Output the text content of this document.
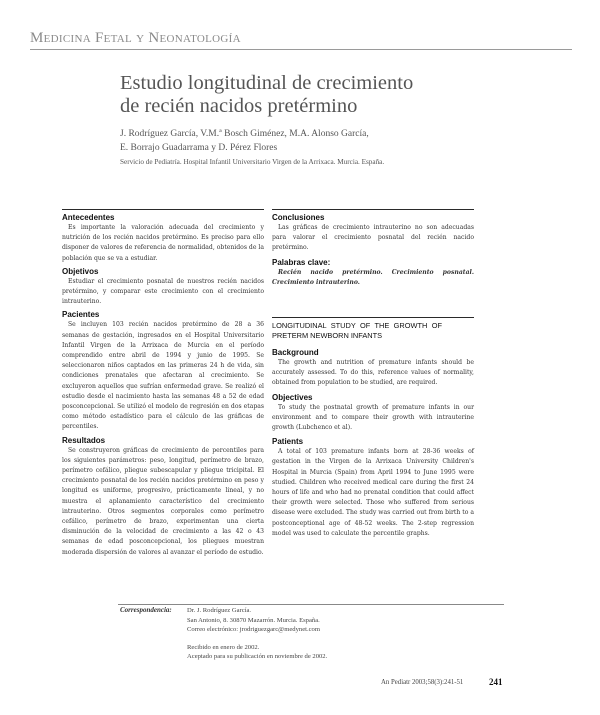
Medicina Fetal y Neonatología
Estudio longitudinal de crecimiento
de recién nacidos pretérmino
J. Rodríguez García, V.M.ª Bosch Giménez, M.A. Alonso García,
E. Borrajo Guadarrama y D. Pérez Flores
Servicio de Pediatría. Hospital Infantil Universitario Virgen de la Arrixaca. Murcia. España.
Antecedentes

Es importante la valoración adecuada del crecimiento y nutrición de los recién nacidos pretérmino. Es preciso para ello disponer de valores de referencia de normalidad, obtenidos de la población que se va a estudiar.

Objetivos

Estudiar el crecimiento posnatal de nuestros recién nacidos pretérmino, y comparar este crecimiento con el crecimiento intrauterino.

Pacientes

Se incluyen 103 recién nacidos pretérmino de 28 a 36 semanas de gestación, ingresados en el Hospital Universitario Infantil Virgen de la Arrixaca de Murcia en el período comprendido entre abril de 1994 y junio de 1995. Se seleccionaron niños captados en las primeras 24 h de vida, sin condiciones prenatales que afectaran al crecimiento. Se excluyeron aquellos que sufrían enfermedad grave. Se realizó el estudio desde el nacimiento hasta las semanas 48 a 52 de edad posconcepcional. Se utilizó el modelo de regresión en dos etapas como método estadístico para el cálculo de las gráficas de percentiles.

Resultados

Se construyeron gráficas de crecimiento de percentiles para los siguientes parámetros: peso, longitud, perímetro de brazo, perímetro cefálico, pliegue subescapular y pliegue tricipital. El crecimiento posnatal de los recién nacidos pretérmino en peso y longitud es uniforme, progresivo, prácticamente lineal, y no muestra el aplanamiento característico del crecimiento intrauterino. Otros segmentos corporales como perímetro cefálico, perímetro de brazo, experimentan una cierta disminución de la velocidad de crecimiento a las 42 o 43 semanas de edad posconcepcional, los pliegues muestran moderada dispersión de valores al avanzar el período de estudio.

Conclusiones

Las gráficas de crecimiento intrauterino no son adecuadas para valorar el crecimiento posnatal del recién nacido pretérmino.

Palabras clave:

Recién nacido pretérmino. Crecimiento posnatal. Crecimiento intrauterino.

LONGITUDINAL STUDY OF THE GROWTH OF PRETERM NEWBORN INFANTS
Background

The growth and nutrition of premature infants should be accurately assessed. To do this, reference values of normality, obtained from population to be studied, are required.

Objectives

To study the postnatal growth of premature infants in our environment and to compare their growth with intrauterine growth (Lubchenco et al).

Patients

A total of 103 premature infants born at 28-36 weeks of gestation in the Virgen de la Arrixaca University Children's Hospital in Murcia (Spain) from April 1994 to June 1995 were studied. Children who received medical care during the first 24 hours of life and who had no prenatal condition that could affect their growth were selected. Those who suffered from serious disease were excluded. The study was carried out from birth to a postconceptional age of 48-52 weeks. The 2-step regression model was used to calculate the percentile graphs.

Correspondencia: Dr. J. Rodríguez García.
San Antonio, 8. 30870 Mazarrón. Murcia. España.
Correo electrónico: jrodriguezgarc@medynet.com
Recibido en enero de 2002.
Aceptado para su publicación en noviembre de 2002.
An Pediatr 2003;58(3):241-51	241
